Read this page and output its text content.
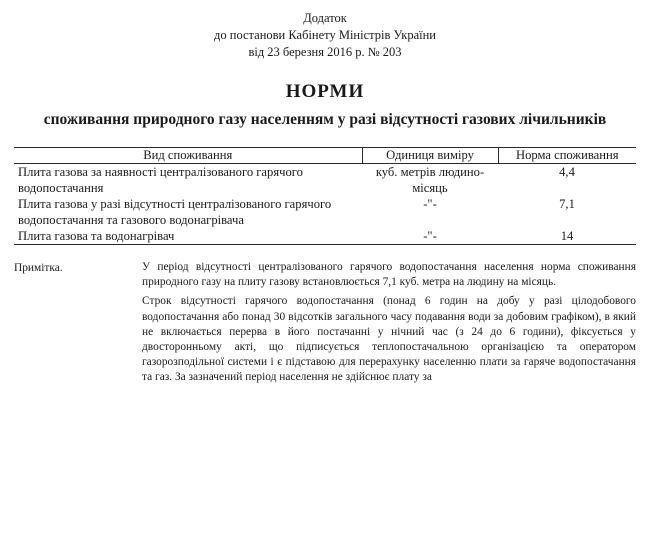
Додаток
до постанови Кабінету Міністрів України
від 23 березня 2016 р. № 203
НОРМИ
споживання природного газу населенням у разі відсутності газових лічильників
Вид споживання	Одиниця виміру	Норма споживання
Плита газова за наявності централізованого гарячого водопостачання	куб. метрів людино-місяць	4,4
Плита газова у разі відсутності централізованого гарячого водопостачання та газового водонагрівача	-"-	7,1
Плита газова та водонагрівач	-"-	14

Примітка.	У період відсутності централізованого гарячого водопостачання населення норма споживання природного газу на плиту газову встановлюється 7,1 куб. метра на людину на місяць.

Строк відсутності гарячого водопостачання (понад 6 годин на добу у разі цілодобового водопостачання або понад 30 відсотків загального часу подавання води за добовим графіком), в який не включається перерва в його постачанні у нічний час (з 24 до 6 години), фіксується у двосторонньому акті, що підписується теплопостачальною організацією та оператором газорозподільної системи і є підставою для перерахунку населенню плати за гаряче водопостачання та газ. За зазначений період населення не здійснює плату за
